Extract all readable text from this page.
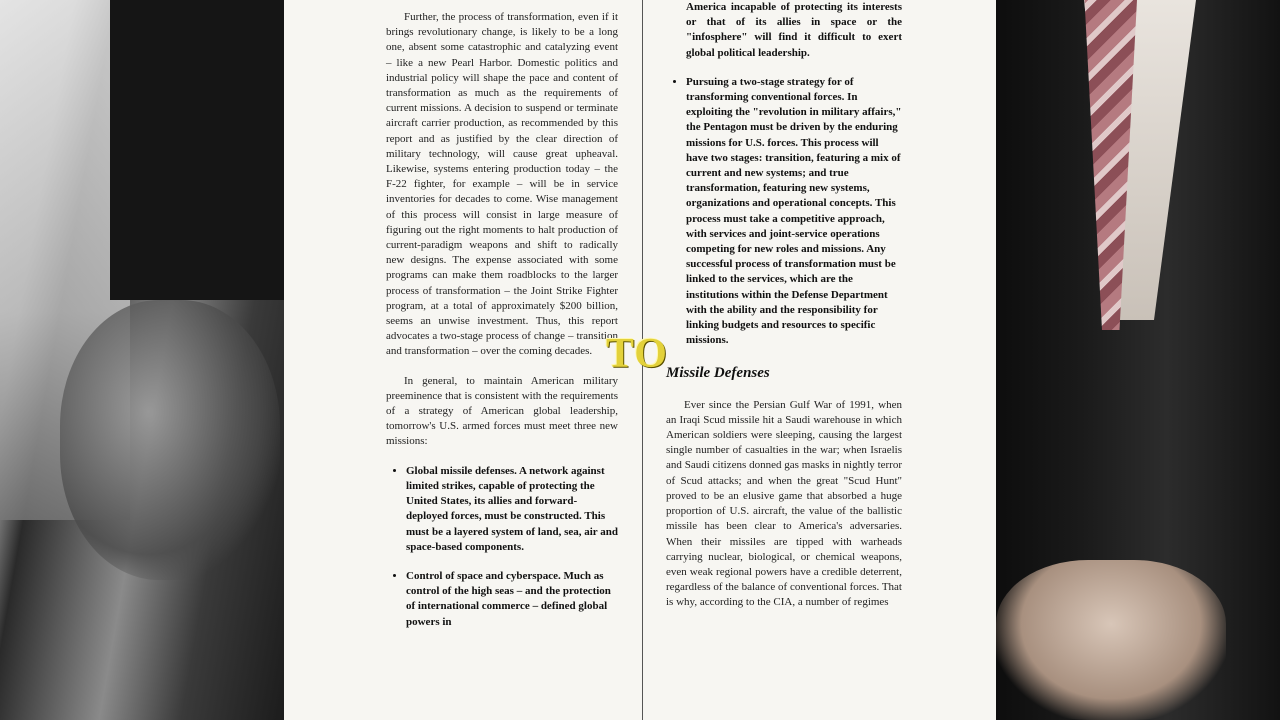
Further, the process of transformation, even if it brings revolutionary change, is likely to be a long one, absent some catastrophic and catalyzing event – like a new Pearl Harbor. Domestic politics and industrial policy will shape the pace and content of transformation as much as the requirements of current missions. A decision to suspend or terminate aircraft carrier production, as recommended by this report and as justified by the clear direction of military technology, will cause great upheaval. Likewise, systems entering production today – the F-22 fighter, for example – will be in service inventories for decades to come. Wise management of this process will consist in large measure of figuring out the right moments to halt production of current-paradigm weapons and shift to radically new designs. The expense associated with some programs can make them roadblocks to the larger process of transformation – the Joint Strike Fighter program, at a total of approximately $200 billion, seems an unwise investment. Thus, this report advocates a two-stage process of change – transition and transformation – over the coming decades.

In general, to maintain American military preeminence that is consistent with the requirements of a strategy of American global leadership, tomorrow's U.S. armed forces must meet three new missions:

• Global missile defenses. A network against limited strikes, capable of protecting the United States, its allies and forward-deployed forces, must be constructed. This must be a layered system of land, sea, air and space-based components.
• Control of space and cyberspace. Much as control of the high seas – and the protection of international commerce – defined global powers in

America incapable of protecting its interests or that of its allies in space or the "infosphere" will find it difficult to exert global political leadership.

• Pursuing a two-stage strategy for of transforming conventional forces. In exploiting the "revolution in military affairs," the Pentagon must be driven by the enduring missions for U.S. forces. This process will have two stages: transition, featuring a mix of current and new systems; and true transformation, featuring new systems, organizations and operational concepts. This process must take a competitive approach, with services and joint-service operations competing for new roles and missions. Any successful process of transformation must be linked to the services, which are the institutions within the Defense Department with the ability and the responsibility for linking budgets and resources to specific missions.
Missile Defenses

Ever since the Persian Gulf War of 1991, when an Iraqi Scud missile hit a Saudi warehouse in which American soldiers were sleeping, causing the largest single number of casualties in the war; when Israelis and Saudi citizens donned gas masks in nightly terror of Scud attacks; and when the great "Scud Hunt" proved to be an elusive game that absorbed a huge proportion of U.S. aircraft, the value of the ballistic missile has been clear to America's adversaries. When their missiles are tipped with warheads carrying nuclear, biological, or chemical weapons, even weak regional powers have a credible deterrent, regardless of the balance of conventional forces. That is why, according to the CIA, a number of regimes

TO
